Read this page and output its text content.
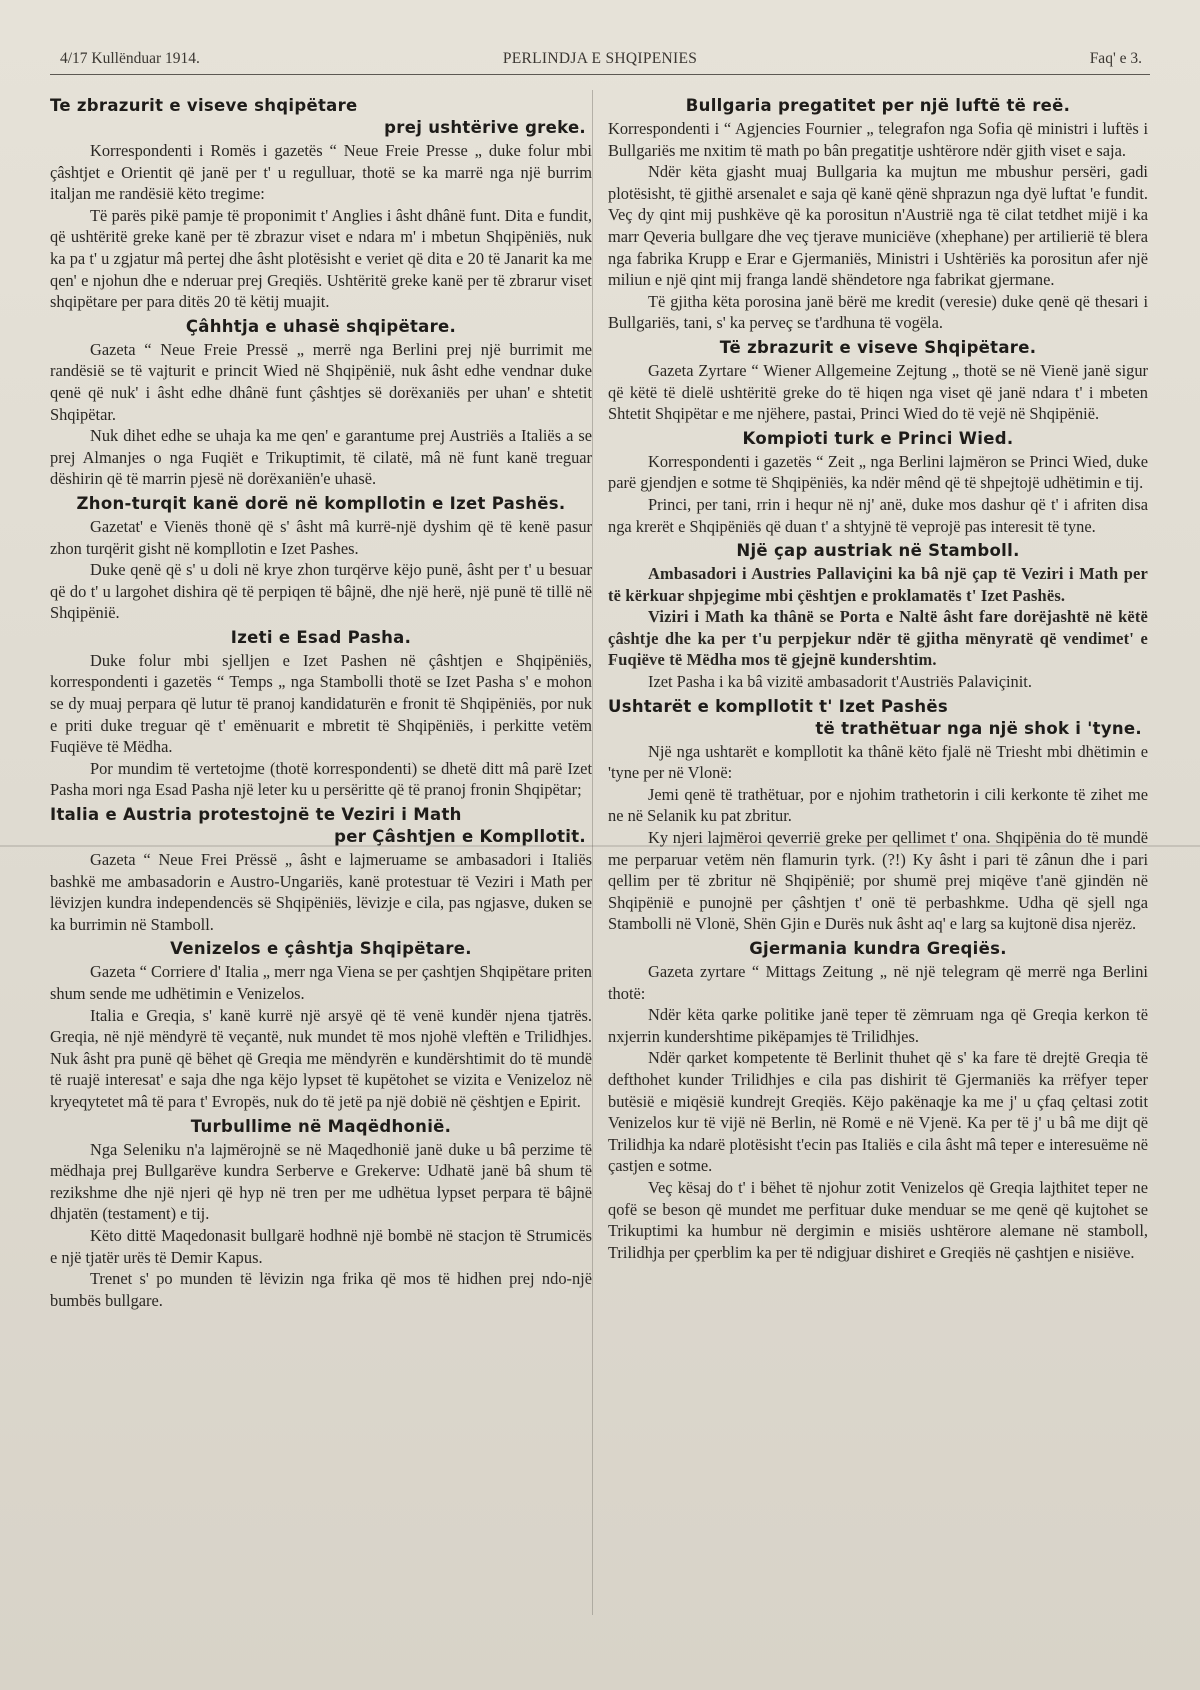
4/17 Kullënduar 1914.	PERLINDJA E SHQIPENIES	Faq' e 3.
Te zbrazurit e viseve shqipëtare
prej ushtërive greke.

Korrespondenti i Romës i gazetës “ Neue Freie Presse „ duke folur mbi çâshtjet e Orientit që janë per t' u regulluar, thotë se ka marrë nga një burrim italjan me randësië këto tregime:

Të parës pikë pamje të proponimit t' Anglies i âsht dhânë funt. Dita e fundit, që ushtëritë greke kanë per të zbrazur viset e ndara m' i mbetun Shqipëniës, nuk ka pa t' u zgjatur mâ pertej dhe âsht plotësisht e veriet që dita e 20 të Janarit ka me qen' e njohun dhe e nderuar prej Greqiës. Ushtëritë greke kanë per të zbrarur viset shqipëtare per para ditës 20 të këtij muajit.

Çâhhtja e uhasë shqipëtare.

Gazeta “ Neue Freie Pressë „ merrë nga Berlini prej një burrimit me randësië se të vajturit e princit Wied në Shqipënië, nuk âsht edhe vendnar duke qenë që nuk' i âsht edhe dhânë funt çâshtjes së dorëxaniës per uhan' e shtetit Shqipëtar.

Nuk dihet edhe se uhaja ka me qen' e garantume prej Austriës a Italiës a se prej Almanjes o nga Fuqiët e Trikuptimit, të cilatë, mâ në funt kanë treguar dëshirin që të marrin pjesë në dorëxaniën'e uhasë.

Zhon-turqit kanë dorë në kompllotin e Izet Pashës.

Gazetat' e Vienës thonë që s' âsht mâ kurrë-një dyshim që të kenë pasur zhon turqërit gisht në kompllotin e Izet Pashes.

Duke qenë që s' u doli në krye zhon turqërve këjo punë, âsht per t' u besuar që do t' u largohet dishira që të perpiqen të bâjnë, dhe një herë, një punë të tillë në Shqipënië.

Izeti e Esad Pasha.

Duke folur mbi sjelljen e Izet Pashen në çâshtjen e Shqipëniës, korrespondenti i gazetës “ Temps „ nga Stambolli thotë se Izet Pasha s' e mohon se dy muaj perpara që lutur të pranoj kandidaturën e fronit të Shqipëniës, por nuk e priti duke treguar që t' emënuarit e mbretit të Shqipëniës, i perkitte vetëm Fuqiëve të Mëdha.

Por mundim të vertetojme (thotë korrespondenti) se dhetë ditt mâ parë Izet Pasha mori nga Esad Pasha një leter ku u persëritte që të pranoj fronin Shqipëtar;

Italia e Austria protestojnë te Veziri i Math
per Çâshtjen e Kompllotit.

Gazeta “ Neue Frei Prëssë „ âsht e lajmeruame se ambasadori i Italiës bashkë me ambasadorin e Austro-Ungariës, kanë protestuar të Veziri i Math per lëvizjen kundra independencës së Shqipëniës, lëvizje e cila, pas ngjasve, duken se ka burrimin në Stamboll.

Venizelos e çâshtja Shqipëtare.

Gazeta “ Corriere d' Italia „ merr nga Viena se per çashtjen Shqipëtare priten shum sende me udhëtimin e Venizelos.

Italia e Greqia, s' kanë kurrë një arsyë që të venë kundër njena tjatrës. Greqia, në një mëndyrë të veçantë, nuk mundet të mos njohë vleftën e Trilidhjes. Nuk âsht pra punë që bëhet që Greqia me mëndyrën e kundërshtimit do të mundë të ruajë interesat' e saja dhe nga këjo lypset të kupëtohet se vizita e Venizeloz në kryeqytetet mâ të para t' Evropës, nuk do të jetë pa një dobië në çështjen e Epirit.

Turbullime në Maqëdhonië.

Nga Seleniku n'a lajmërojnë se në Maqedhonië janë duke u bâ perzime të mëdhaja prej Bullgarëve kundra Serberve e Grekerve: Udhatë janë bâ shum të rezikshme dhe një njeri që hyp në tren per me udhëtua lypset perpara të bâjnë dhjatën (testament) e tij.

Këto dittë Maqedonasit bullgarë hodhnë një bombë në stacjon të Strumicës e një tjatër urës të Demir Kapus.

Trenet s' po munden të lëvizin nga frika që mos të hidhen prej ndo-një bumbës bullgare.

Bullgaria pregatitet per një luftë të reë.

Korrespondenti i “ Agjencies Fournier „ telegrafon nga Sofia që ministri i luftës i Bullgariës me nxitim të math po bân pregatitje ushtërore ndër gjith viset e saja.

Ndër këta gjasht muaj Bullgaria ka mujtun me mbushur persëri, gadi plotësisht, të gjithë arsenalet e saja që kanë qënë shprazun nga dyë luftat 'e fundit. Veç dy qint mij pushkëve që ka porositun n'Austrië nga të cilat tetdhet mijë i ka marr Qeveria bullgare dhe veç tjerave municiëve (xhephane) per artilierië të blera nga fabrika Krupp e Erar e Gjermaniës, Ministri i Ushtëriës ka porositun afer një miliun e një qint mij franga landë shëndetore nga fabrikat gjermane.

Të gjitha këta porosina janë bërë me kredit (veresie) duke qenë që thesari i Bullgariës, tani, s' ka perveç se t'ardhuna të vogëla.

Të zbrazurit e viseve Shqipëtare.

Gazeta Zyrtare “ Wiener Allgemeine Zejtung „ thotë se në Vienë janë sigur që këtë të dielë ushtëritë greke do të hiqen nga viset që janë ndara t' i mbeten Shtetit Shqipëtar e me njëhere, pastai, Princi Wied do të vejë në Shqipënië.

Kompioti turk e Princi Wied.

Korrespondenti i gazetës “ Zeit „ nga Berlini lajmëron se Princi Wied, duke parë gjendjen e sotme të Shqipëniës, ka ndër mênd që të shpejtojë udhëtimin e tij.

Princi, per tani, rrin i hequr në nj' anë, duke mos dashur që t' i afriten disa nga krerët e Shqipëniës që duan t' a shtyjnë të veprojë pas interesit të tyne.

Një çap austriak në Stamboll.

Ambasadori i Austries Pallaviçini ka bâ një çap të Veziri i Math per të kërkuar shpjegime mbi çështjen e proklamatës t' Izet Pashës.

Viziri i Math ka thânë se Porta e Naltë âsht fare dorëjashtë në këtë çâshtje dhe ka per t'u perpjekur ndër të gjitha mënyratë që vendimet' e Fuqiëve të Mëdha mos të gjejnë kundershtim.

Izet Pasha i ka bâ vizitë ambasadorit t'Austriës Palaviçinit.

Ushtarët e kompllotit t' Izet Pashës
të trathëtuar nga një shok i 'tyne.

Një nga ushtarët e kompllotit ka thânë këto fjalë në Triesht mbi dhëtimin e 'tyne per në Vlonë:

Jemi qenë të trathëtuar, por e njohim trathetorin i cili kerkonte të zihet me ne në Selanik ku pat zbritur.

Ky njeri lajmëroi qeverrië greke per qellimet t' ona. Shqipënia do të mundë me perparuar vetëm nën flamurin tyrk. (?!) Ky âsht i pari të zânun dhe i pari qellim per të zbritur në Shqipënië; por shumë prej miqëve t'anë gjindën në Shqipënië e punojnë per çâshtjen t' onë të perbashkme. Udha që sjell nga Stambolli në Vlonë, Shën Gjin e Durës nuk âsht aq' e larg sa kujtonë disa njerëz.

Gjermania kundra Greqiës.

Gazeta zyrtare “ Mittags Zeitung „ në një telegram që merrë nga Berlini thotë:

Ndër këta qarke politike janë teper të zëmruam nga që Greqia kerkon të nxjerrin kundershtime pikëpamjes të Trilidhjes.

Ndër qarket kompetente të Berlinit thuhet që s' ka fare të drejtë Greqia të defthohet kunder Trilidhjes e cila pas dishirit të Gjermaniës ka rrëfyer teper butësië e miqësië kundrejt Greqiës. Këjo pakënaqje ka me j' u çfaq çeltasi zotit Venizelos kur të vijë në Berlin, në Romë e në Vjenë. Ka per të j' u bâ me dijt që Trilidhja ka ndarë plotësisht t'ecin pas Italiës e cila âsht mâ teper e interesuëme në çastjen e sotme.

Veç kësaj do t' i bëhet të njohur zotit Venizelos që Greqia lajthitet teper ne qofë se beson që mundet me perfituar duke menduar se me qenë që kujtohet se Trikuptimi ka humbur në dergimin e misiës ushtërore alemane në stamboll, Trilidhja per çperblim ka per të ndigjuar dishiret e Greqiës në çashtjen e nisiëve.
